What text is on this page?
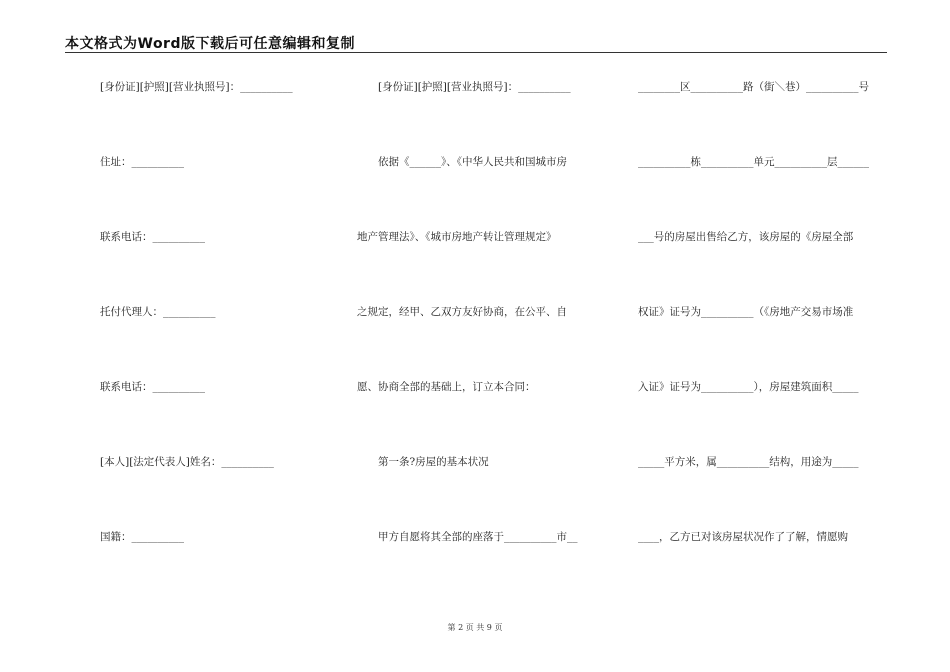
本文格式为Word版下载后可任意编辑和复制
[身份证][护照][营业执照号]：__________
住址：__________
联系电话：__________
托付代理人：__________
联系电话：__________
[本人][法定代表人]姓名：__________
国籍：__________
　　[身份证][护照][营业执照号]：__________
　　依据《______》、《中华人民共和国城市房
地产管理法》、《城市房地产转让管理规定》
之规定，经甲、乙双方友好协商，在公平、自
愿、协商全部的基础上，订立本合同：
　　第一条?房屋的基本状况
　　甲方自愿将其全部的座落于__________市__
________区__________路（街＼巷）__________号
__________栋__________单元__________层______
___号的房屋出售给乙方，该房屋的《房屋全部
权证》证号为__________（《房地产交易市场准
入证》证号为__________），房屋建筑面积_____
_____平方米，属__________结构，用途为_____
____，乙方已对该房屋状况作了了解，情愿购
第 2 页 共 9 页
